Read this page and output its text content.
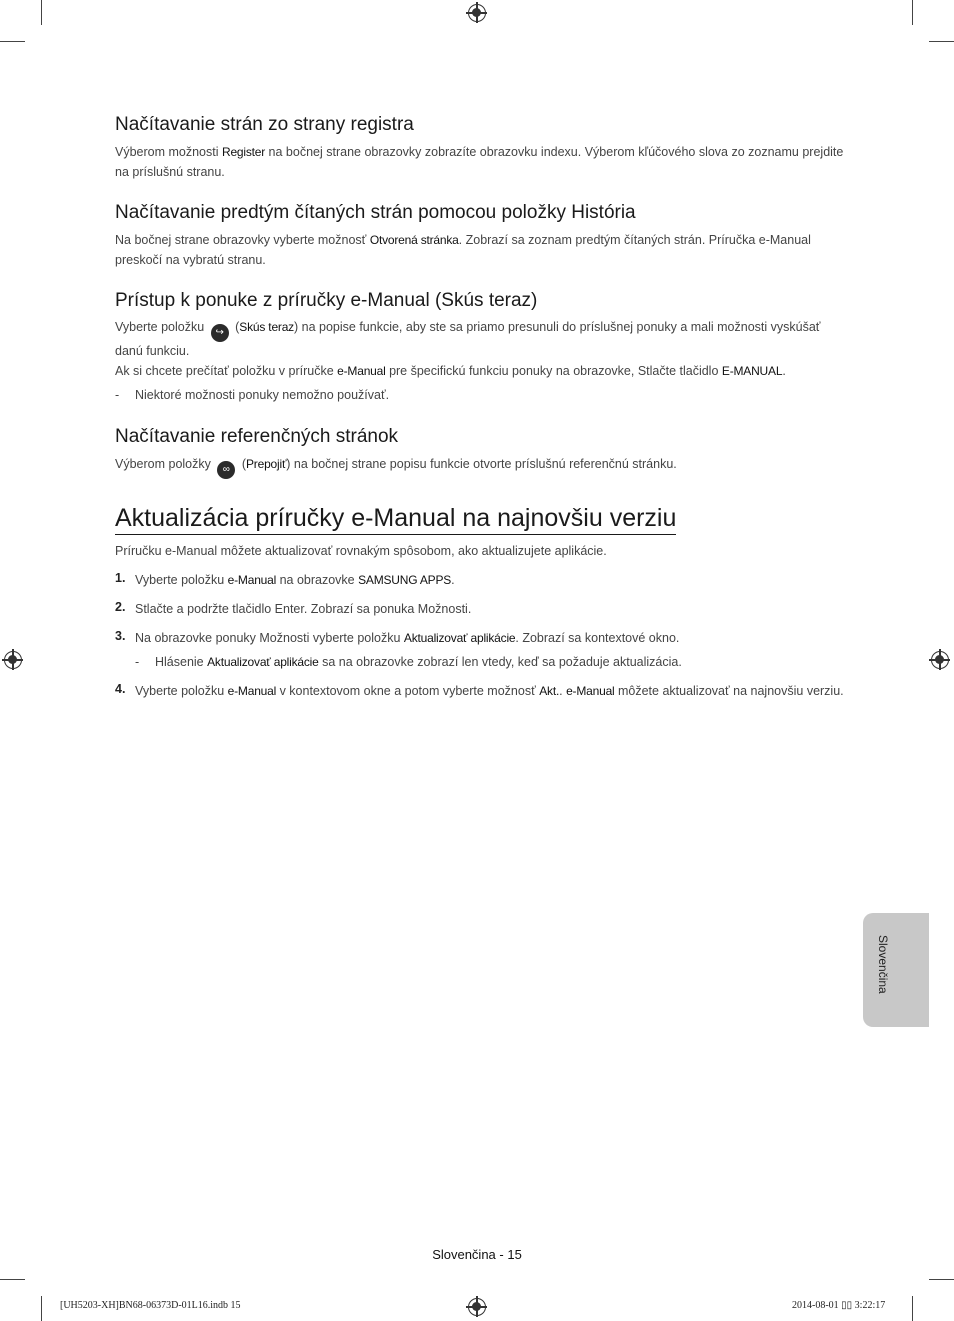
Načítavanie strán zo strany registra

Výberom možnosti Register na bočnej strane obrazovky zobrazíte obrazovku indexu. Výberom kľúčového slova zo zoznamu prejdite na príslušnú stranu.

Načítavanie predtým čítaných strán pomocou položky História

Na bočnej strane obrazovky vyberte možnosť Otvorená stránka. Zobrazí sa zoznam predtým čítaných strán. Príručka e-Manual preskočí na vybratú stranu.

Prístup k ponuke z príručky e-Manual (Skús teraz)

Vyberte položku ↪ (Skús teraz) na popise funkcie, aby ste sa priamo presunuli do príslušnej ponuky a mali možnosti vyskúšať danú funkciu.

Ak si chcete prečítať položku v príručke e-Manual pre špecifickú funkciu ponuky na obrazovke, Stlačte tlačidlo E-MANUAL.

- Niektoré možnosti ponuky nemožno používať.

Načítavanie referenčných stránok

Výberom položky ∞ (Prepojiť) na bočnej strane popisu funkcie otvorte príslušnú referenčnú stránku.

Aktualizácia príručky e-Manual na najnovšiu verziu

Príručku e-Manual môžete aktualizovať rovnakým spôsobom, ako aktualizujete aplikácie.

1. Vyberte položku e-Manual na obrazovke SAMSUNG APPS.

2. Stlačte a podržte tlačidlo Enter. Zobrazí sa ponuka Možnosti.

3. Na obrazovke ponuky Možnosti vyberte položku Aktualizovať aplikácie. Zobrazí sa kontextové okno.

- Hlásenie Aktualizovať aplikácie sa na obrazovke zobrazí len vtedy, keď sa požaduje aktualizácia.

4. Vyberte položku e-Manual v kontextovom okne a potom vyberte možnosť Akt.. e-Manual môžete aktualizovať na najnovšiu verziu.

Slovenčina
Slovenčina - 15
[UH5203-XH]BN68-06373D-01L16.indb 15	2014-08-01 ▯▯ 3:22:17
